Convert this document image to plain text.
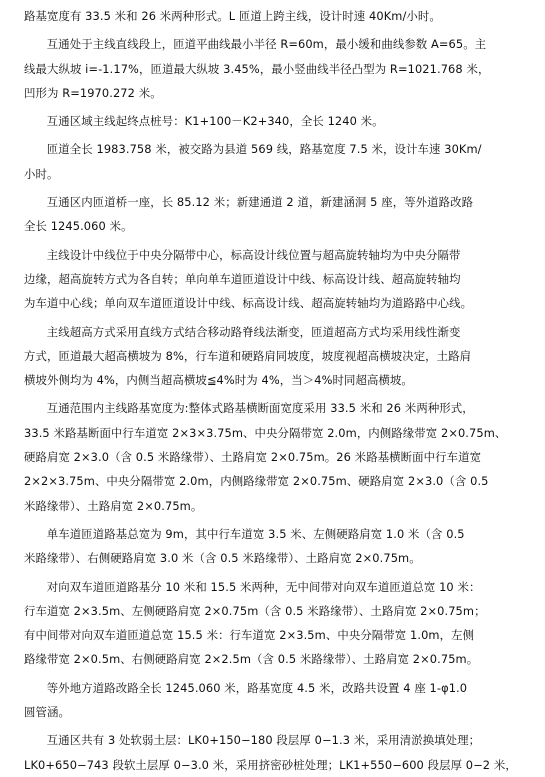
路基宽度有 33.5 米和 26 米两种形式。L 匝道上跨主线，设计时速 40Km/小时。

互通处于主线直线段上，匝道平曲线最小半径 R=60m，最小缓和曲线参数 A=65。主
线最大纵坡 i=-1.17%，匝道最大纵坡 3.45%，最小竖曲线半径凸型为 R=1021.768 米，
凹形为 R=1970.272 米。

互通区域主线起终点桩号：K1+100－K2+340，全长 1240 米。

匝道全长 1983.758 米，被交路为县道 569 线，路基宽度 7.5 米，设计车速 30Km/
小时。

互通区内匝道桥一座，长 85.12 米；新建通道 2 道，新建涵洞 5 座，等外道路改路
全长 1245.060 米。

主线设计中线位于中央分隔带中心，标高设计线位置与超高旋转轴均为中央分隔带
边缘，超高旋转方式为各自转；单向单车道匝道设计中线、标高设计线、超高旋转轴均
为车道中心线；单向双车道匝道设计中线、标高设计线、超高旋转轴均为道路路中心线。

主线超高方式采用直线方式结合移动路脊线法渐变，匝道超高方式均采用线性渐变
方式，匝道最大超高横坡为 8%，行车道和硬路肩同坡度，坡度视超高横坡决定，土路肩
横坡外侧均为 4%，内侧当超高横坡≦4%时为 4%，当＞4%时同超高横坡。

互通范围内主线路基宽度为:整体式路基横断面宽度采用 33.5 米和 26 米两种形式，
33.5 米路基断面中行车道宽 2×3×3.75m、中央分隔带宽 2.0m，内侧路缘带宽 2×0.75m、
硬路肩宽 2×3.0（含 0.5 米路缘带）、土路肩宽 2×0.75m。26 米路基横断面中行车道宽
2×2×3.75m、中央分隔带宽 2.0m，内侧路缘带宽 2×0.75m、硬路肩宽 2×3.0（含 0.5
米路缘带）、土路肩宽 2×0.75m。

单车道匝道路基总宽为 9m，其中行车道宽 3.5 米、左侧硬路肩宽 1.0 米（含 0.5
米路缘带）、右侧硬路肩宽 3.0 米（含 0.5 米路缘带）、土路肩宽 2×0.75m。

对向双车道匝道路基分 10 米和 15.5 米两种，无中间带对向双车道匝道总宽 10 米：
行车道宽 2×3.5m、左侧硬路肩宽 2×0.75m（含 0.5 米路缘带）、土路肩宽 2×0.75m；
有中间带对向双车道匝道总宽 15.5 米：行车道宽 2×3.5m、中央分隔带宽 1.0m，左侧
路缘带宽 2×0.5m、右侧硬路肩宽 2×2.5m（含 0.5 米路缘带）、土路肩宽 2×0.75m。

等外地方道路改路全长 1245.060 米，路基宽度 4.5 米，改路共设置 4 座 1-φ1.0
圆管涵。

互通区共有 3 处软弱土层：LK0+150−180 段层厚 0−1.3 米，采用清淤换填处理；
LK0+650−743 段软土层厚 0−3.0 米，采用挤密砂桩处理；LK1+550−600 段层厚 0−2 米，
